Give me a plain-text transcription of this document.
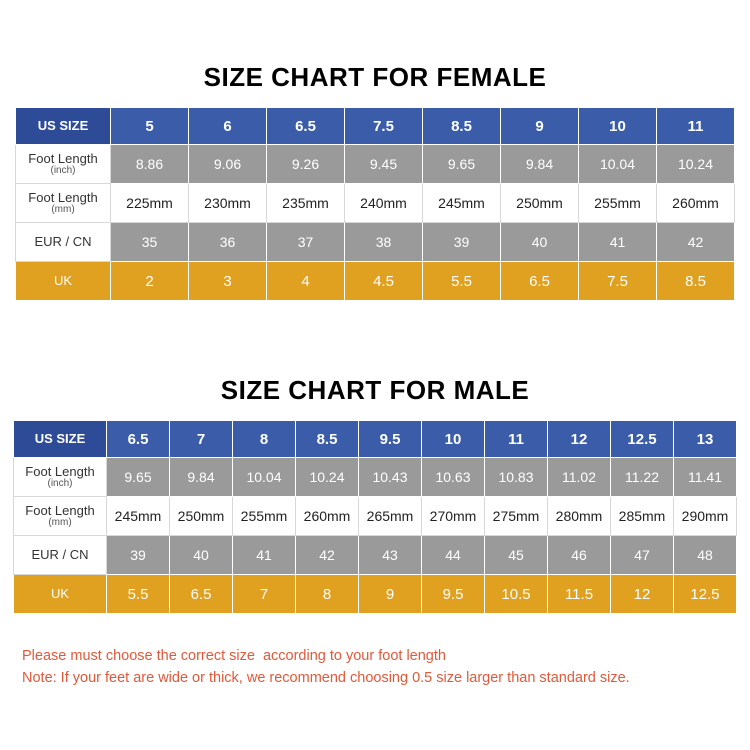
SIZE CHART FOR FEMALE
US SIZE	5	6	6.5	7.5	8.5	9	10	11

Foot Length
(inch)	8.86	9.06	9.26	9.45	9.65	9.84	10.04	10.24

Foot Length
(mm)	225mm	230mm	235mm	240mm	245mm	250mm	255mm	260mm

EUR / CN	35	36	37	38	39	40	41	42

UK	2	3	4	4.5	5.5	6.5	7.5	8.5
SIZE CHART FOR MALE
US SIZE	6.5	7	8	8.5	9.5	10	11	12	12.5	13

Foot Length
(inch)	9.65	9.84	10.04	10.24	10.43	10.63	10.83	11.02	11.22	11.41

Foot Length
(mm)	245mm	250mm	255mm	260mm	265mm	270mm	275mm	280mm	285mm	290mm

EUR / CN	39	40	41	42	43	44	45	46	47	48

UK	5.5	6.5	7	8	9	9.5	10.5	11.5	12	12.5
Please must choose the correct size  according to your foot length
Note: If your feet are wide or thick, we recommend choosing 0.5 size larger than standard size.
